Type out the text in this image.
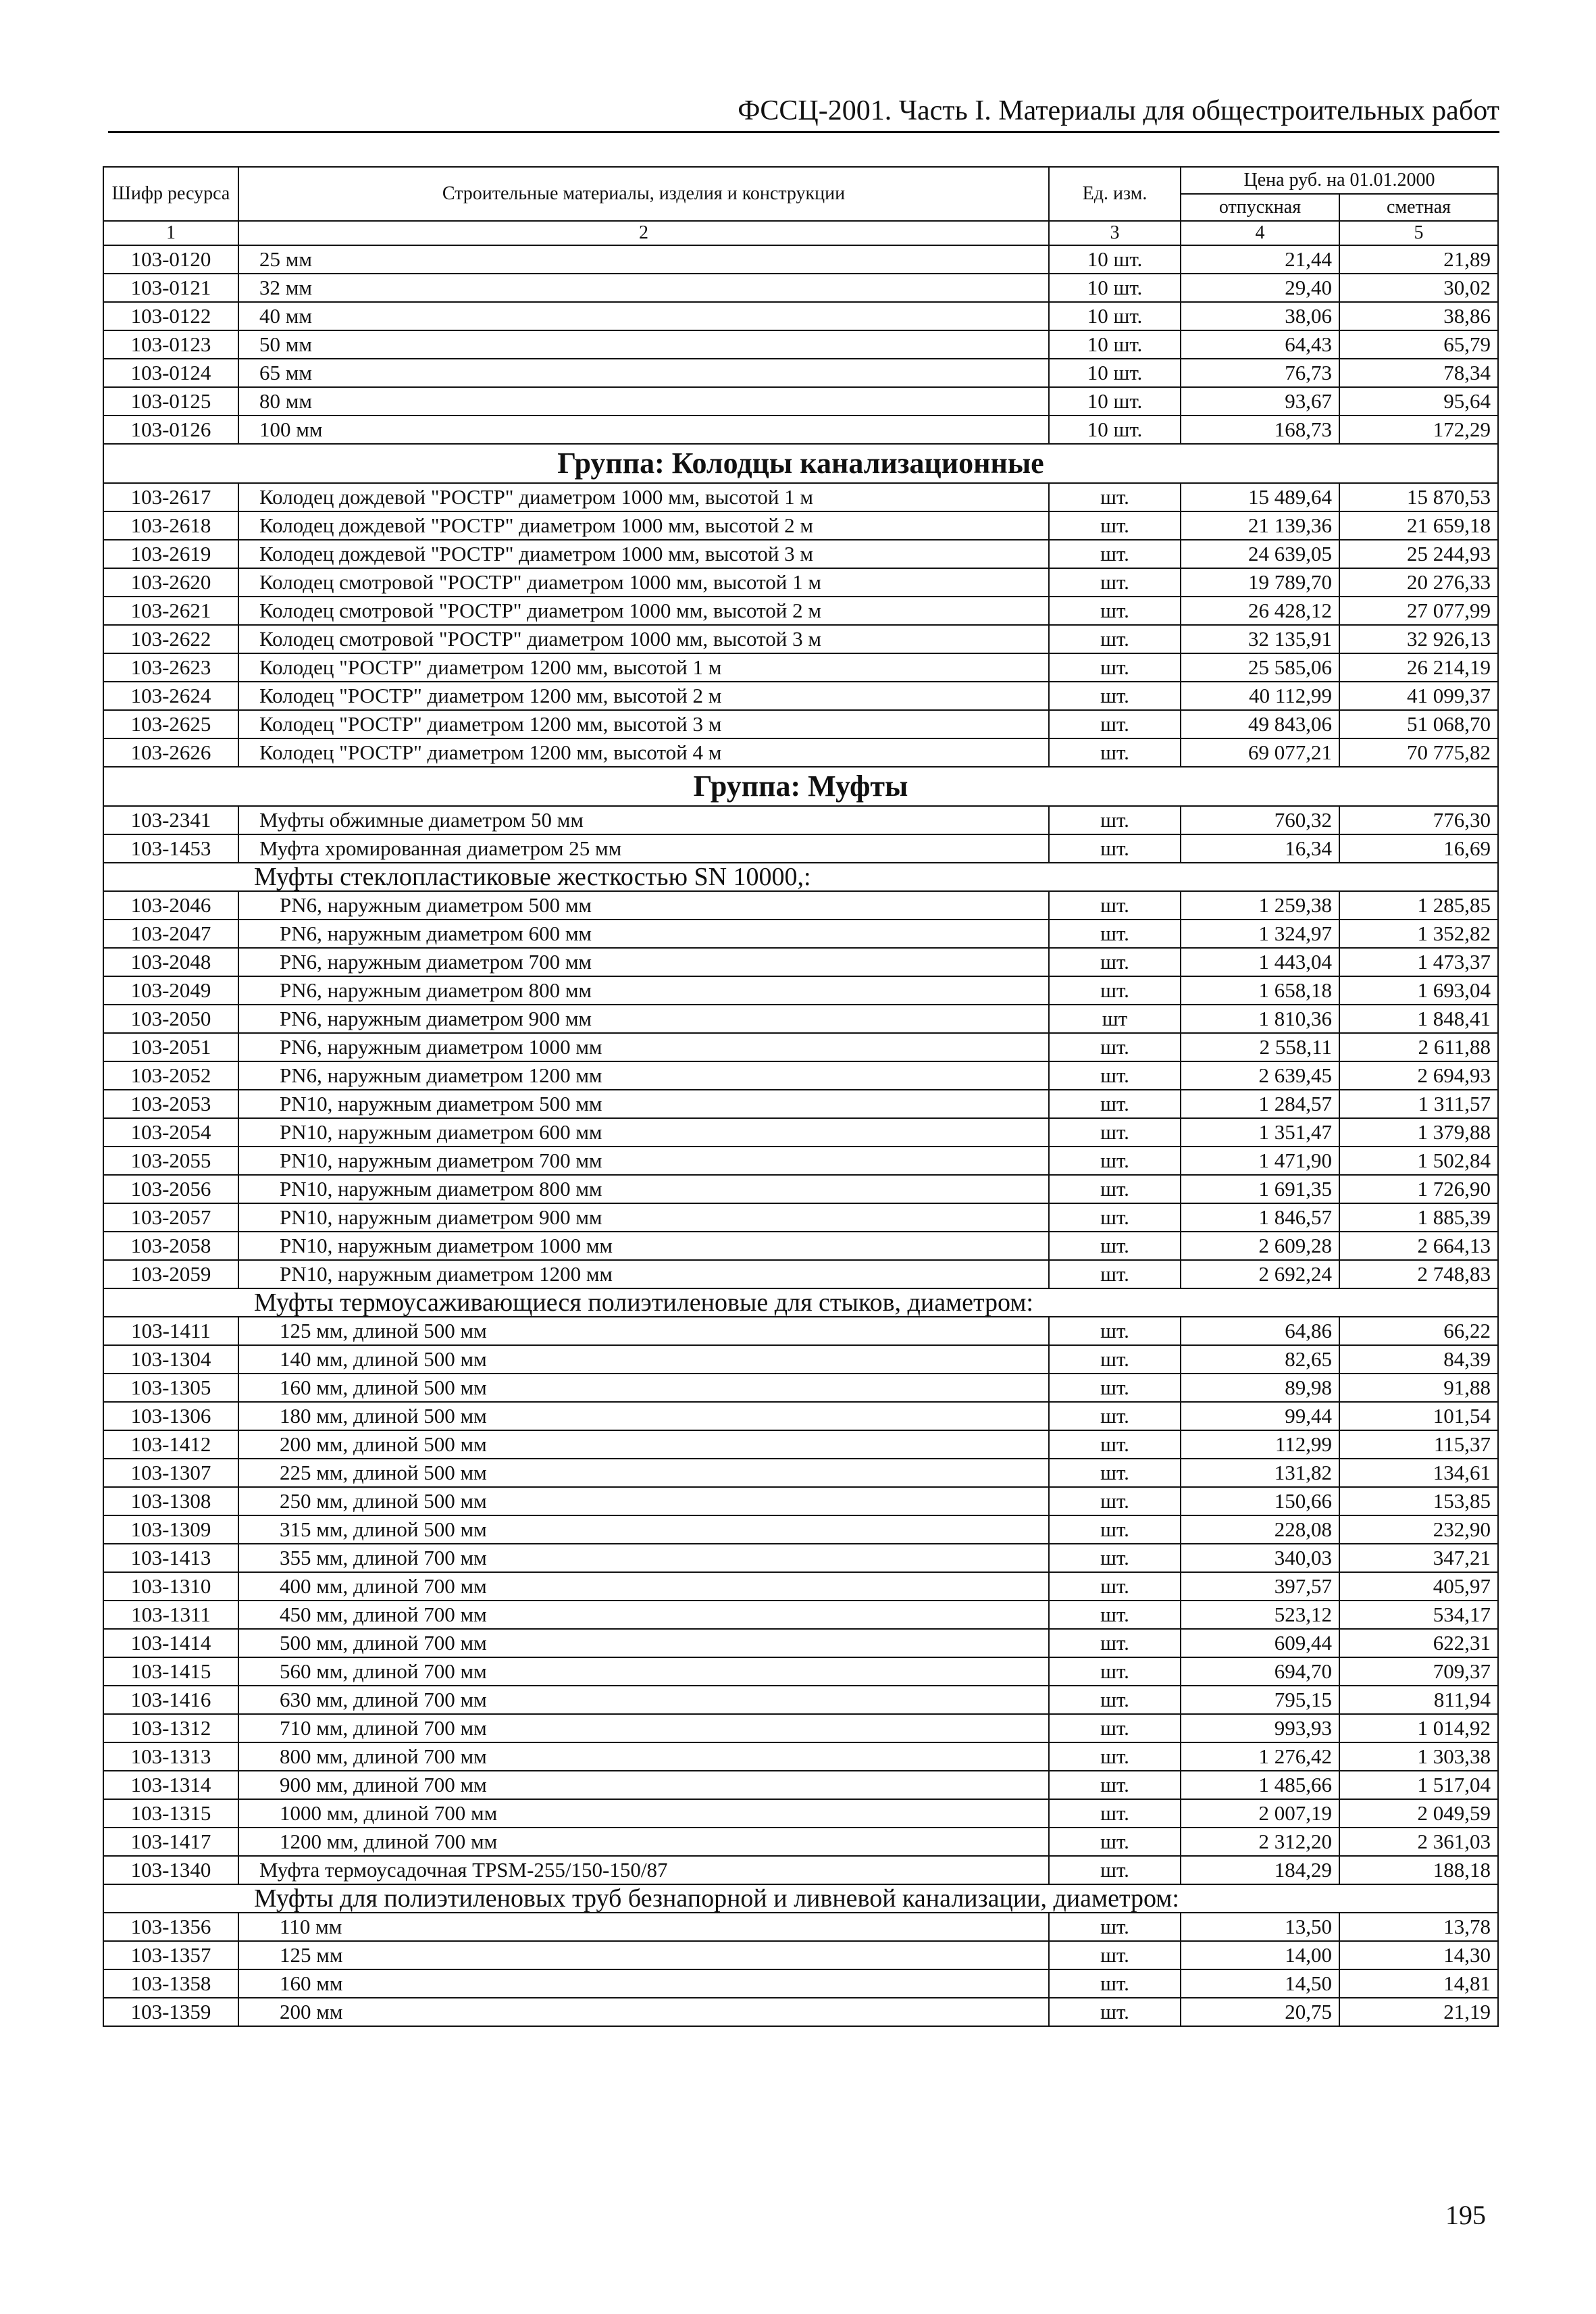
ФССЦ-2001. Часть I. Материалы для общестроительных работ
Шифр ресурса	Строительные материалы, изделия и конструкции	Ед. изм.	Цена руб. на 01.01.2000	
			отпускная	сметная
1	2	3	4	5
103-0120	25 мм	10 шт.	21,44	21,89
103-0121	32 мм	10 шт.	29,40	30,02
103-0122	40 мм	10 шт.	38,06	38,86
103-0123	50 мм	10 шт.	64,43	65,79
103-0124	65 мм	10 шт.	76,73	78,34
103-0125	80 мм	10 шт.	93,67	95,64
103-0126	100 мм	10 шт.	168,73	172,29
Группа: Колодцы канализационные				
103-2617	Колодец дождевой "РОСТР" диаметром 1000 мм, высотой 1 м	шт.	15 489,64	15 870,53
103-2618	Колодец дождевой "РОСТР" диаметром 1000 мм, высотой 2 м	шт.	21 139,36	21 659,18
103-2619	Колодец дождевой "РОСТР" диаметром 1000 мм, высотой 3 м	шт.	24 639,05	25 244,93
103-2620	Колодец смотровой "РОСТР" диаметром 1000 мм, высотой 1 м	шт.	19 789,70	20 276,33
103-2621	Колодец смотровой "РОСТР" диаметром 1000 мм, высотой 2 м	шт.	26 428,12	27 077,99
103-2622	Колодец смотровой "РОСТР" диаметром 1000 мм, высотой 3 м	шт.	32 135,91	32 926,13
103-2623	Колодец "РОСТР" диаметром 1200 мм, высотой 1 м	шт.	25 585,06	26 214,19
103-2624	Колодец "РОСТР" диаметром 1200 мм, высотой 2 м	шт.	40 112,99	41 099,37
103-2625	Колодец "РОСТР" диаметром 1200 мм, высотой 3 м	шт.	49 843,06	51 068,70
103-2626	Колодец "РОСТР" диаметром 1200 мм, высотой 4 м	шт.	69 077,21	70 775,82
Группа: Муфты				
103-2341	Муфты обжимные диаметром 50 мм	шт.	760,32	776,30
103-1453	Муфта хромированная диаметром 25 мм	шт.	16,34	16,69
Муфты стеклопластиковые жесткостью SN 10000,:				
103-2046	PN6, наружным диаметром 500 мм	шт.	1 259,38	1 285,85
103-2047	PN6, наружным диаметром 600 мм	шт.	1 324,97	1 352,82
103-2048	PN6, наружным диаметром 700 мм	шт.	1 443,04	1 473,37
103-2049	PN6, наружным диаметром 800 мм	шт.	1 658,18	1 693,04
103-2050	PN6, наружным диаметром 900 мм	шт	1 810,36	1 848,41
103-2051	PN6, наружным диаметром 1000 мм	шт.	2 558,11	2 611,88
103-2052	PN6, наружным диаметром 1200 мм	шт.	2 639,45	2 694,93
103-2053	PN10, наружным диаметром 500 мм	шт.	1 284,57	1 311,57
103-2054	PN10, наружным диаметром 600 мм	шт.	1 351,47	1 379,88
103-2055	PN10, наружным диаметром 700 мм	шт.	1 471,90	1 502,84
103-2056	PN10, наружным диаметром 800 мм	шт.	1 691,35	1 726,90
103-2057	PN10, наружным диаметром 900 мм	шт.	1 846,57	1 885,39
103-2058	PN10, наружным диаметром 1000 мм	шт.	2 609,28	2 664,13
103-2059	PN10, наружным диаметром 1200 мм	шт.	2 692,24	2 748,83
Муфты термоусаживающиеся полиэтиленовые для стыков, диаметром:				
103-1411	125 мм, длиной 500 мм	шт.	64,86	66,22
103-1304	140 мм, длиной 500 мм	шт.	82,65	84,39
103-1305	160 мм, длиной 500 мм	шт.	89,98	91,88
103-1306	180 мм, длиной 500 мм	шт.	99,44	101,54
103-1412	200 мм, длиной 500 мм	шт.	112,99	115,37
103-1307	225 мм, длиной 500 мм	шт.	131,82	134,61
103-1308	250 мм, длиной 500 мм	шт.	150,66	153,85
103-1309	315 мм, длиной 500 мм	шт.	228,08	232,90
103-1413	355 мм, длиной 700 мм	шт.	340,03	347,21
103-1310	400 мм, длиной 700 мм	шт.	397,57	405,97
103-1311	450 мм, длиной 700 мм	шт.	523,12	534,17
103-1414	500 мм, длиной 700 мм	шт.	609,44	622,31
103-1415	560 мм, длиной 700 мм	шт.	694,70	709,37
103-1416	630 мм, длиной 700 мм	шт.	795,15	811,94
103-1312	710 мм, длиной 700 мм	шт.	993,93	1 014,92
103-1313	800 мм, длиной 700 мм	шт.	1 276,42	1 303,38
103-1314	900 мм, длиной 700 мм	шт.	1 485,66	1 517,04
103-1315	1000 мм, длиной 700 мм	шт.	2 007,19	2 049,59
103-1417	1200 мм, длиной 700 мм	шт.	2 312,20	2 361,03
103-1340	Муфта термоусадочная TPSM-255/150-150/87	шт.	184,29	188,18
Муфты для полиэтиленовых труб безнапорной и ливневой канализации, диаметром:				
103-1356	110 мм	шт.	13,50	13,78
103-1357	125 мм	шт.	14,00	14,30
103-1358	160 мм	шт.	14,50	14,81
103-1359	200 мм	шт.	20,75	21,19
195
